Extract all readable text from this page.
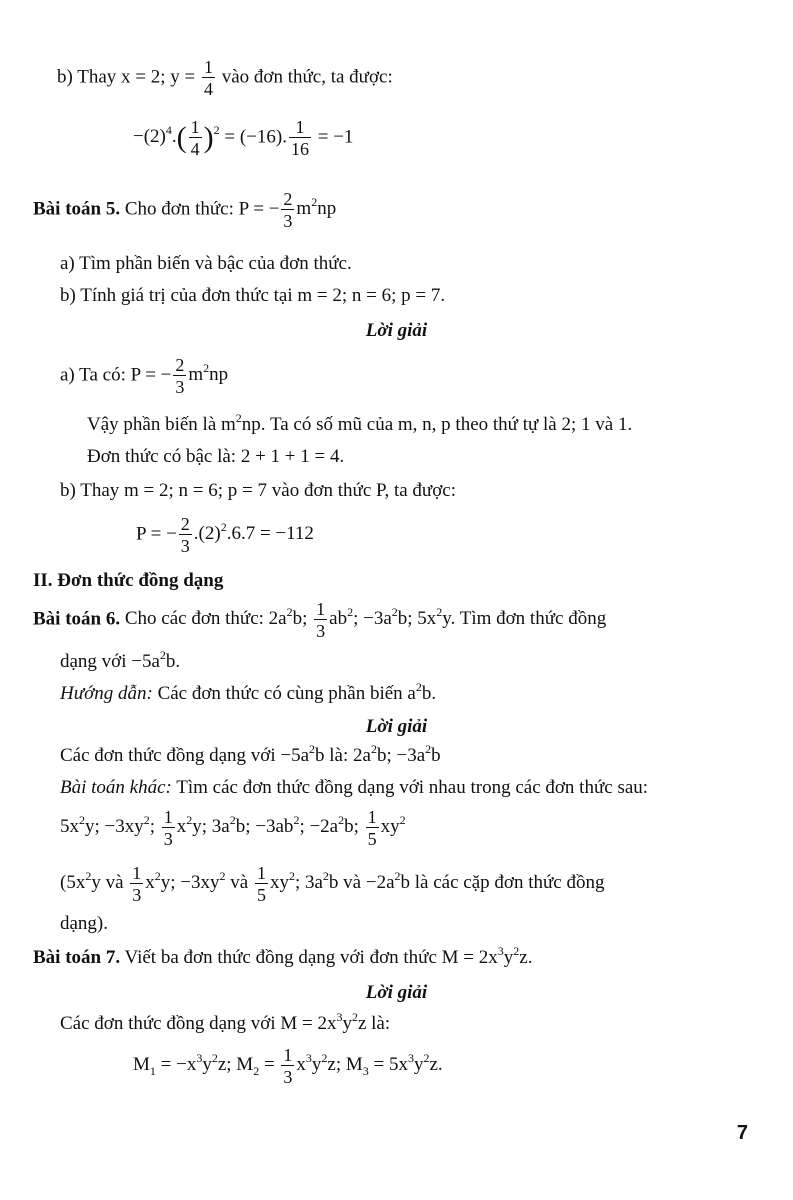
b) Thay x = 2; $y = \frac{1}{4}$ vào đơn thức, ta được:
$-(2)^4.( \frac{1}{4} )^2 = (-16)$. $\frac{1}{16} = -1$
Bài toán 5. Cho đơn thức: P = − $\frac{2}{3} m^2np$
a) Tìm phần biến và bậc của đơn thức.
b) Tính giá trị của đơn thức tại m = 2; n = 6; p = 7.
Lời giải
a) Ta có: P = − $\frac{2}{3} m^2np$
Vậy phần biến là $m^2np$. Ta có số mũ của m, n, p theo thứ tự là 2; 1 và 1.
Đơn thức có bậc là: 2 + 1 + 1 = 4.
b) Thay m = 2; n = 6; p = 7 vào đơn thức P, ta được:
P = − $\frac{2}{3} .(2)^2.6.7 = -112$
II. Đơn thức đồng dạng
Bài toán 6. Cho các đơn thức: $2a^2b$; $\frac{1}{3} ab^2$; $-3a^2b$; $5x^2y$. Tìm đơn thức đồng
dạng với $-5a^2b$.
Hướng dẫn: Các đơn thức có cùng phần biến $a^2b$.
Lời giải
Các đơn thức đồng dạng với $-5a^2b$ là: $2a^2b$; $-3a^2b$
Bài toán khác: Tìm các đơn thức đồng dạng với nhau trong các đơn thức sau:
$5x^2y$; $-3xy^2$; $\frac{1}{3} x^2y$; $3a^2b$; $-3ab^2$; $-2a^2b$; $\frac{1}{5} xy^2$
($5x^2y$ và $\frac{1}{3} x^2y$; $-3xy^2$ và $\frac{1}{5} xy^2$; $3a^2b$ và $-2a^2b$ là các cặp đơn thức đồng
dạng).
Bài toán 7. Viết ba đơn thức đồng dạng với đơn thức $M = 2x^3y^2z$.
Lời giải
Các đơn thức đồng dạng với $M = 2x^3y^2z$ là:
$M_1 = -x^3y^2z$; $M_2 = \frac{1}{3} x^3y^2z$; $M_3 = 5x^3y^2z$.
7
